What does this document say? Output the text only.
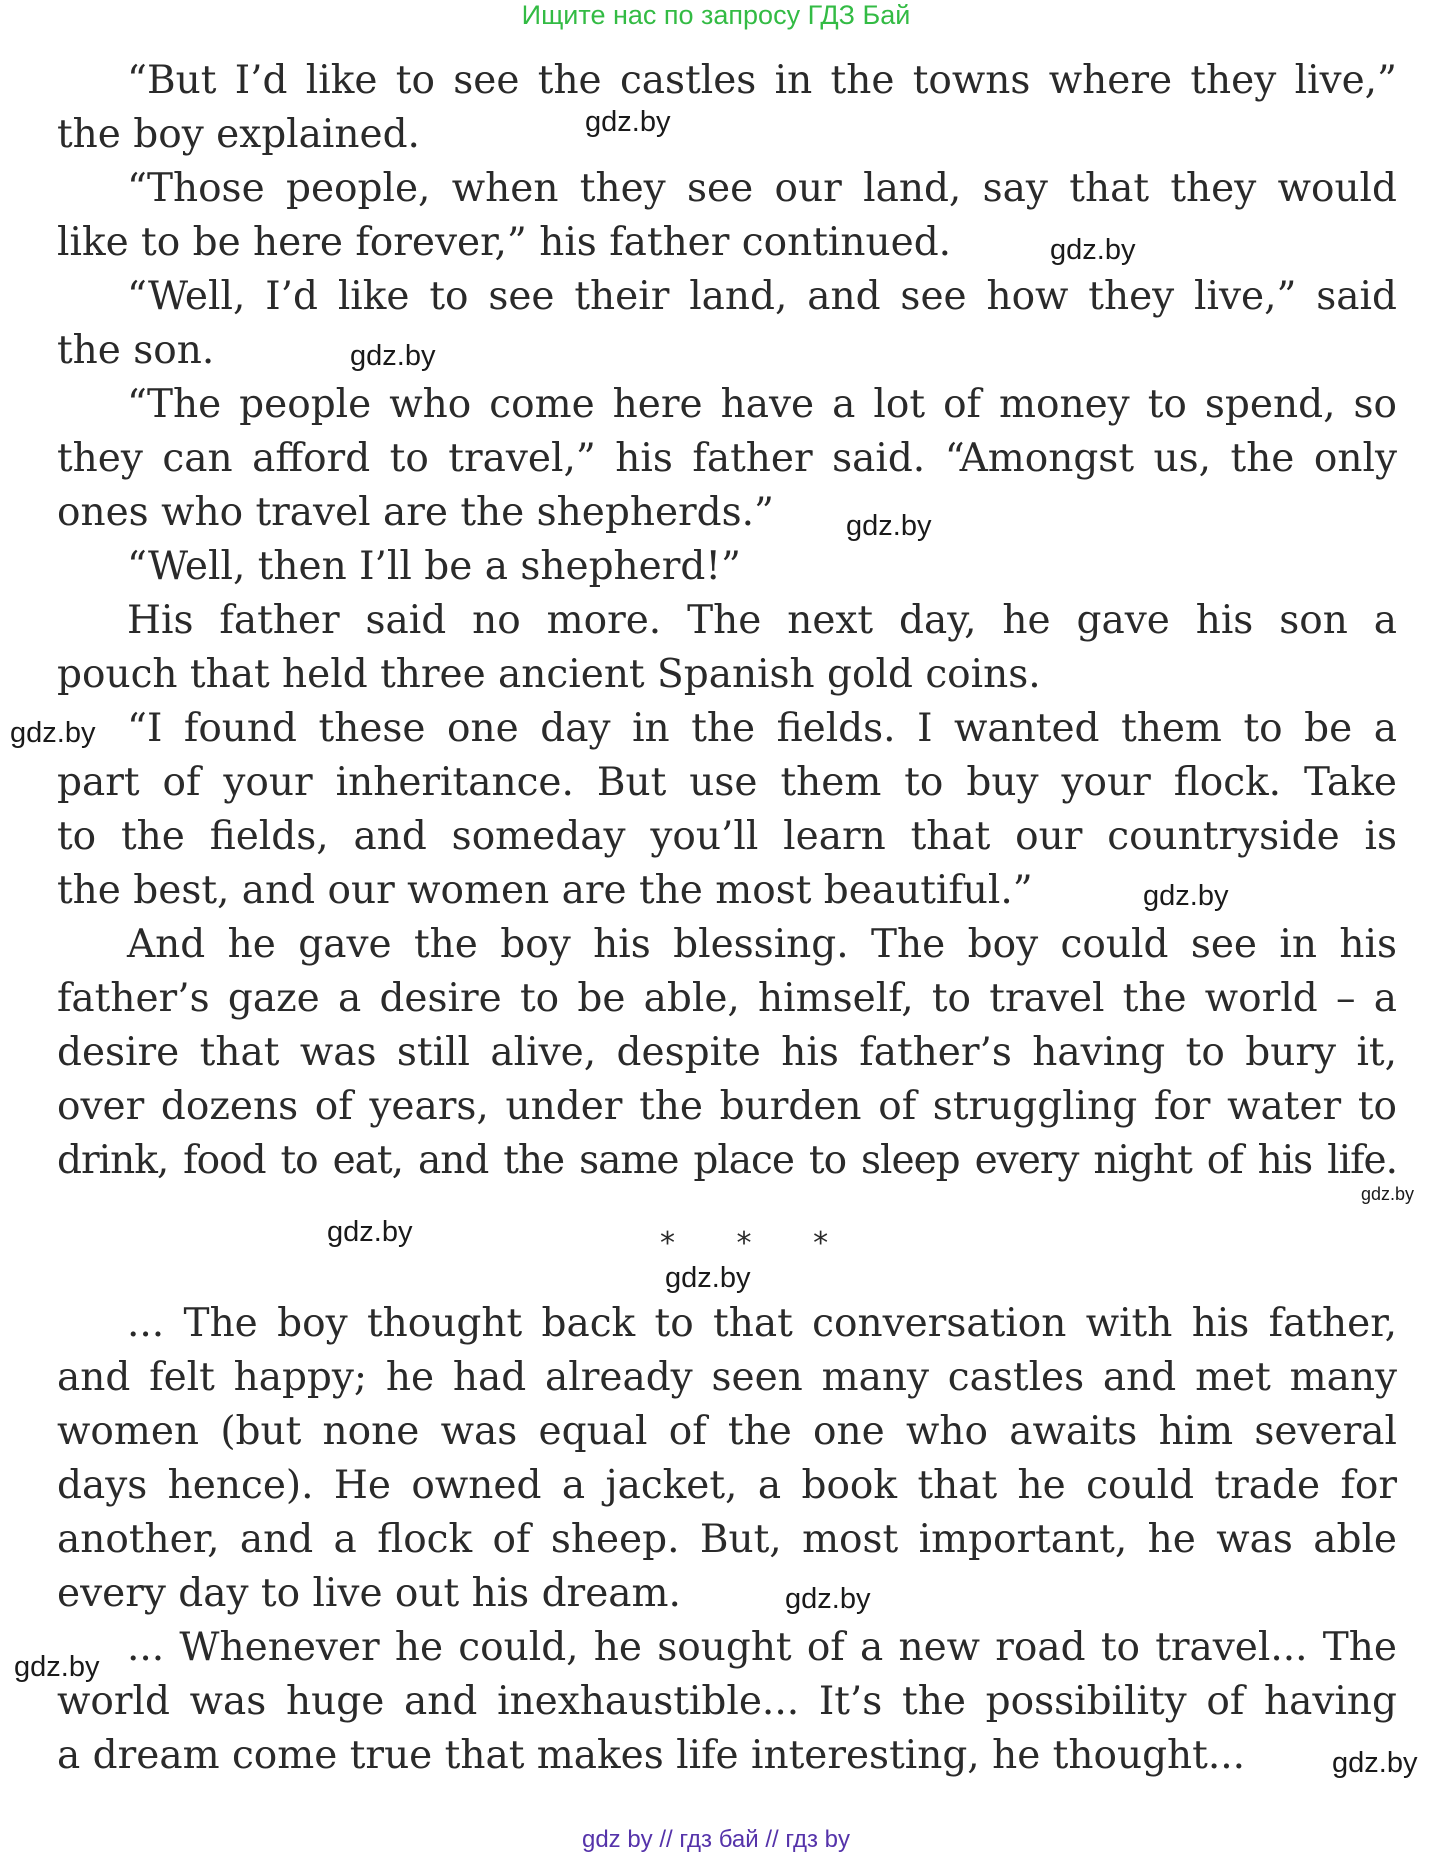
Ищите нас по запросу ГДЗ Бай
“But I’d like to see the castles in the towns where they live,”
the boy explained.
“Those people, when they see our land, say that they would
like to be here forever,” his father continued.
“Well, I’d like to see their land, and see how they live,” said
the son.
“The people who come here have a lot of money to spend, so
they can afford to travel,” his father said. “Amongst us, the only
ones who travel are the shepherds.”
“Well, then I’ll be a shepherd!”
His father said no more. The next day, he gave his son a
pouch that held three ancient Spanish gold coins.
“I found these one day in the fields. I wanted them to be a
part of your inheritance. But use them to buy your flock. Take
to the fields, and someday you’ll learn that our countryside is
the best, and our women are the most beautiful.”
And he gave the boy his blessing. The boy could see in his
father’s gaze a desire to be able, himself, to travel the world – a
desire that was still alive, despite his father’s having to bury it,
over dozens of years, under the burden of struggling for water to
drink, food to eat, and the same place to sleep every night of his life.
* * *
... The boy thought back to that conversation with his father,
and felt happy; he had already seen many castles and met many
women (but none was equal of the one who awaits him several
days hence). He owned a jacket, a book that he could trade for
another, and a flock of sheep. But, most important, he was able
every day to live out his dream.
... Whenever he could, he sought of a new road to travel... The
world was huge and inexhaustible... It’s the possibility of having
a dream come true that makes life interesting, he thought...
gdz.by
gdz.by
gdz.by
gdz.by
gdz.by
gdz.by
gdz.by
gdz.by
gdz.by
gdz.by
gdz.by
gdz.by
gdz by // гдз бай // гдз by
